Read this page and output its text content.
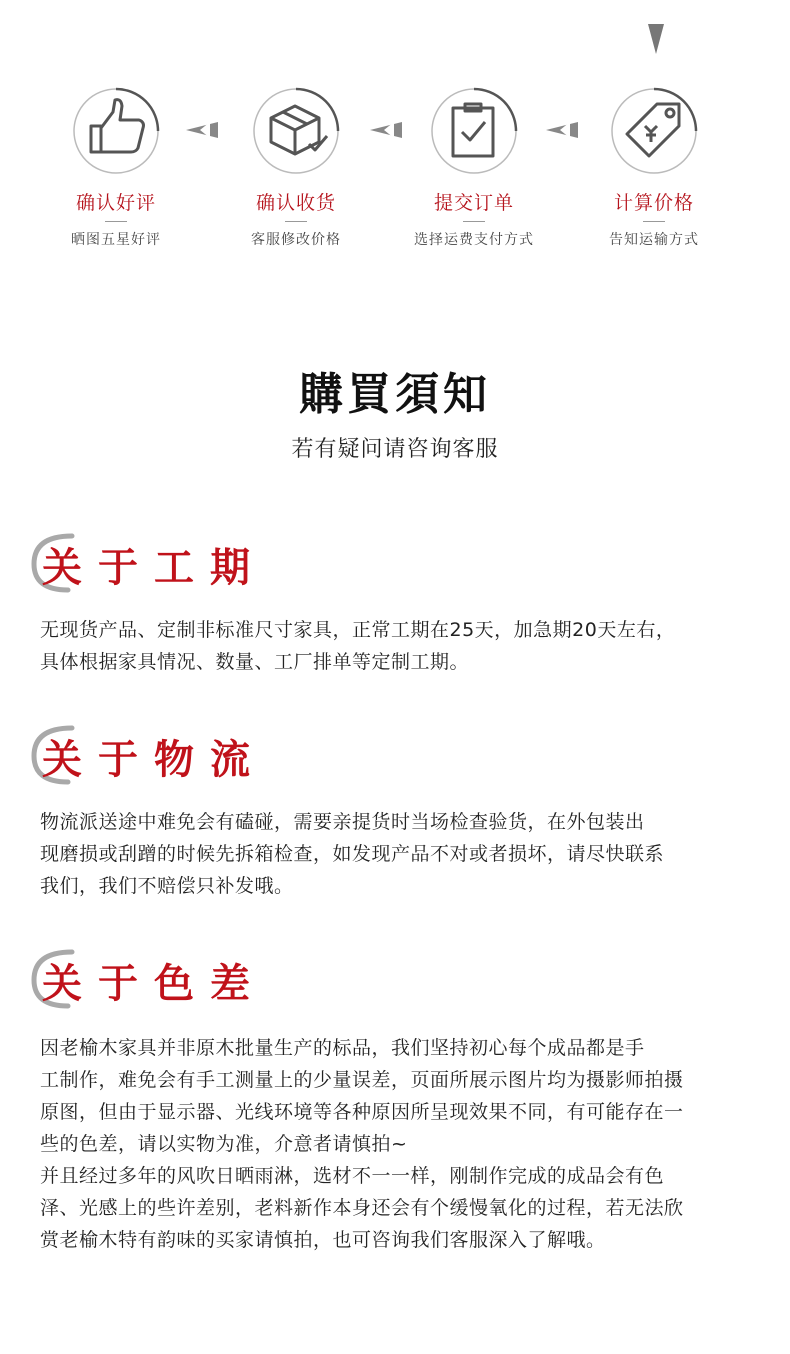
确认好评
晒图五星好评
确认收货
客服修改价格
提交订单
选择运费支付方式
计算价格
告知运输方式
購買須知
若有疑问请咨询客服
关于工期
无现货产品、定制非标准尺寸家具，正常工期在25天，加急期20天左右，
具体根据家具情况、数量、工厂排单等定制工期。
关于物流
物流派送途中难免会有磕碰，需要亲提货时当场检查验货，在外包装出
现磨损或刮蹭的时候先拆箱检查，如发现产品不对或者损坏，请尽快联系
我们，我们不赔偿只补发哦。
关于色差
因老榆木家具并非原木批量生产的标品，我们坚持初心每个成品都是手
工制作，难免会有手工测量上的少量误差，页面所展示图片均为摄影师拍摄
原图，但由于显示器、光线环境等各种原因所呈现效果不同，有可能存在一
些的色差，请以实物为准，介意者请慎拍~
并且经过多年的风吹日晒雨淋，选材不一一样，刚制作完成的成品会有色
泽、光感上的些许差别，老料新作本身还会有个缓慢氧化的过程，若无法欣
赏老榆木特有韵味的买家请慎拍，也可咨询我们客服深入了解哦。
